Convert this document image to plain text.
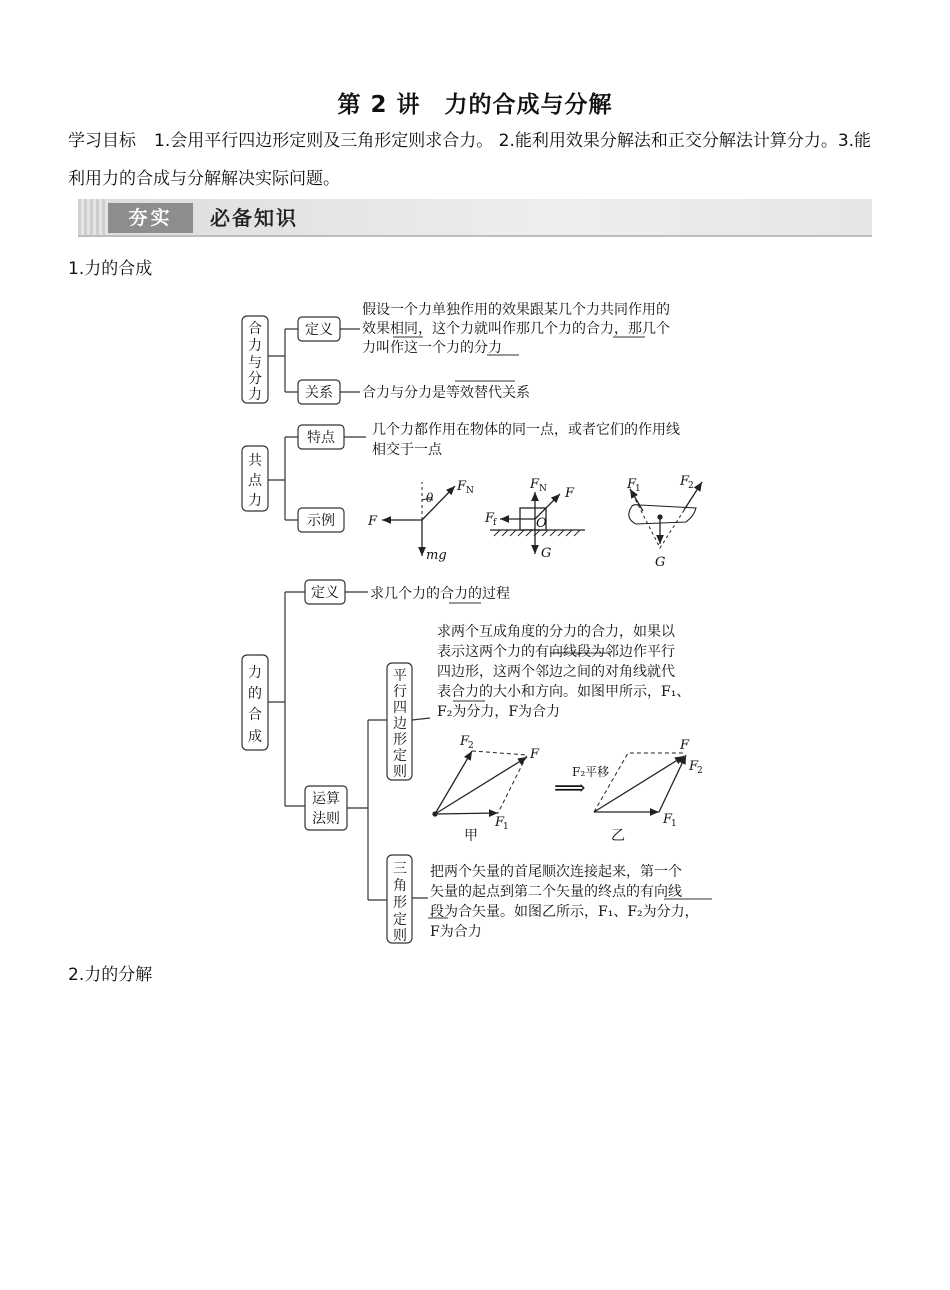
第 2 讲　力的合成与分解
学习目标 1.会用平行四边形定则及三角形定则求合力。 2.能利用效果分解法和正交分解法计算分力。3.能利用力的合成与分解解决实际问题。
夯实	必备知识
1.力的合成
合
力
与
分
力
共
点
力
力
的
合
成
平
行
四
边
形
定
则
三
角
形
定
则
定义
关系
特点
示例
定义
运算
法则
假设一个力单独作用的效果跟某几个力共同作用的
效果相同，这个力就叫作那几个力的合力，那几个
力叫作这一个力的分力
合力与分力是等效替代关系
几个力都作用在物体的同一点，或者它们的作用线
相交于一点
求几个力的合力的过程
求两个互成角度的分力的合力，如果以
表示这两个力的有向线段为邻边作平行
四边形，这两个邻边之间的对角线就代
表合力的大小和方向。如图甲所示，F₁、
F₂为分力，F为合力
把两个矢量的首尾顺次连接起来，第一个
矢量的起点到第二个矢量的终点的有向线
段为合矢量。如图乙所示，F₁、F₂为分力，
F为合力
F
F N
mg
θ
F N F
F
f	O
G
F
1	F
2
G
F
2
F
F
1
甲
F₂平移
⟹
F
F
2
F
1
乙
2.力的分解
